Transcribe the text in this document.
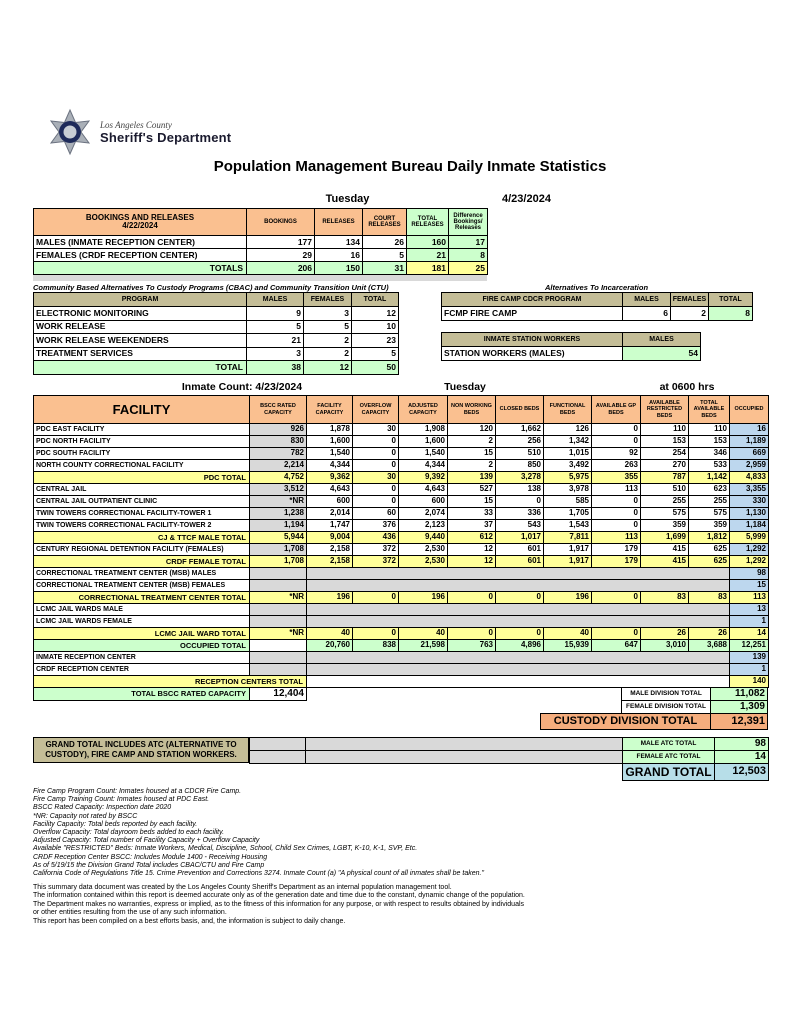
Los Angeles County
Sheriff's Department
Population Management Bureau Daily Inmate Statistics
Tuesday	4/23/2024
BOOKINGS AND RELEASES
4/22/2024	BOOKINGS	RELEASES	COURT RELEASES	TOTAL RELEASES	Difference Bookings/ Releases
MALES (INMATE RECEPTION CENTER)	177	134	26	160	17
FEMALES (CRDF RECEPTION CENTER)	29	16	5	21	8
TOTALS	206	150	31	181	25
Community Based Alternatives To Custody Programs (CBAC) and Community Transition Unit (CTU)
PROGRAM	MALES	FEMALES	TOTAL
ELECTRONIC MONITORING	9	3	12
WORK RELEASE	5	5	10
WORK RELEASE WEEKENDERS	21	2	23
TREATMENT SERVICES	3	2	5
TOTAL	38	12	50
Alternatives To Incarceration
FIRE CAMP CDCR PROGRAM	MALES	FEMALES	TOTAL
FCMP FIRE CAMP	6	2	8
INMATE STATION WORKERS	MALES
STATION WORKERS (MALES)	54
Inmate Count: 4/23/2024	Tuesday	at 0600 hrs
FACILITY	BSCC RATED CAPACITY	FACILITY CAPACITY	OVERFLOW CAPACITY	ADJUSTED CAPACITY	NON WORKING BEDS	CLOSED BEDS	FUNCTIONAL BEDS	AVAILABLE GP BEDS	AVAILABLE RESTRICTED BEDS	TOTAL AVAILABLE BEDS	OCCUPIED
PDC EAST FACILITY	926	1,878	30	1,908	120	1,662	126	0	110	110	16
PDC NORTH FACILITY	830	1,600	0	1,600	2	256	1,342	0	153	153	1,189
PDC SOUTH FACILITY	782	1,540	0	1,540	15	510	1,015	92	254	346	669
NORTH COUNTY CORRECTIONAL FACILITY	2,214	4,344	0	4,344	2	850	3,492	263	270	533	2,959
PDC TOTAL	4,752	9,362	30	9,392	139	3,278	5,975	355	787	1,142	4,833
CENTRAL JAIL	3,512	4,643	0	4,643	527	138	3,978	113	510	623	3,355
CENTRAL JAIL OUTPATIENT CLINIC	*NR	600	0	600	15	0	585	0	255	255	330
TWIN TOWERS CORRECTIONAL FACILITY-TOWER 1	1,238	2,014	60	2,074	33	336	1,705	0	575	575	1,130
TWIN TOWERS CORRECTIONAL FACILITY-TOWER 2	1,194	1,747	376	2,123	37	543	1,543	0	359	359	1,184
CJ & TTCF MALE TOTAL	5,944	9,004	436	9,440	612	1,017	7,811	113	1,699	1,812	5,999
CENTURY REGIONAL DETENTION FACILITY (FEMALES)	1,708	2,158	372	2,530	12	601	1,917	179	415	625	1,292
CRDF FEMALE TOTAL	1,708	2,158	372	2,530	12	601	1,917	179	415	625	1,292
CORRECTIONAL TREATMENT CENTER (MSB) MALES											98
CORRECTIONAL TREATMENT CENTER (MSB) FEMALES											15
CORRECTIONAL TREATMENT CENTER TOTAL	*NR	196	0	196	0	0	196	0	83	83	113
LCMC JAIL WARDS MALE											13
LCMC JAIL WARDS FEMALE											1
LCMC JAIL WARD TOTAL	*NR	40	0	40	0	0	40	0	26	26	14
OCCUPIED TOTAL		20,760	838	21,598	763	4,896	15,939	647	3,010	3,688	12,251
INMATE RECEPTION CENTER											139
CRDF RECEPTION CENTER											1
RECEPTION CENTERS TOTAL											140
TOTAL BSCC RATED CAPACITY	12,404	MALE DIVISION TOTAL	11,082
FEMALE DIVISION TOTAL	1,309
CUSTODY DIVISION TOTAL	12,391
GRAND TOTAL INCLUDES ATC (ALTERNATIVE TO
CUSTODY), FIRE CAMP AND STATION WORKERS.

MALE ATC TOTAL	98
FEMALE ATC TOTAL	14
GRAND TOTAL	12,503
Fire Camp Program Count: Inmates housed at a CDCR Fire Camp.
Fire Camp Training Count: Inmates housed at PDC East.
BSCC Rated Capacity: Inspection date 2020
*NR: Capacity not rated by BSCC
Facility Capacity: Total beds reported by each facility.
Overflow Capacity: Total dayroom beds added to each facility.
Adjusted Capacity: Total number of Facility Capacity + Overflow Capacity
Available "RESTRICTED" Beds: Inmate Workers, Medical, Discipline, School, Child Sex Crimes, LGBT, K-10, K-1, SVP, Etc.
CRDF Reception Center BSCC: Includes Module 1400 - Receiving Housing
As of 5/19/15 the Division Grand Total includes CBAC/CTU and Fire Camp
California Code of Regulations Title 15. Crime Prevention and Corrections 3274. Inmate Count (a) "A physical count of all inmates shall be taken."
This summary data document was created by the Los Angeles County Sheriff's Department as an internal population management tool.
The information contained within this report is deemed accurate only as of the generation date and time due to the constant, dynamic change of the population.
The Department makes no warranties, express or implied, as to the fitness of this information for any purpose, or with respect to results obtained by individuals
or other entities resulting from the use of any such information.
This report has been compiled on a best efforts basis, and, the information is subject to daily change.
